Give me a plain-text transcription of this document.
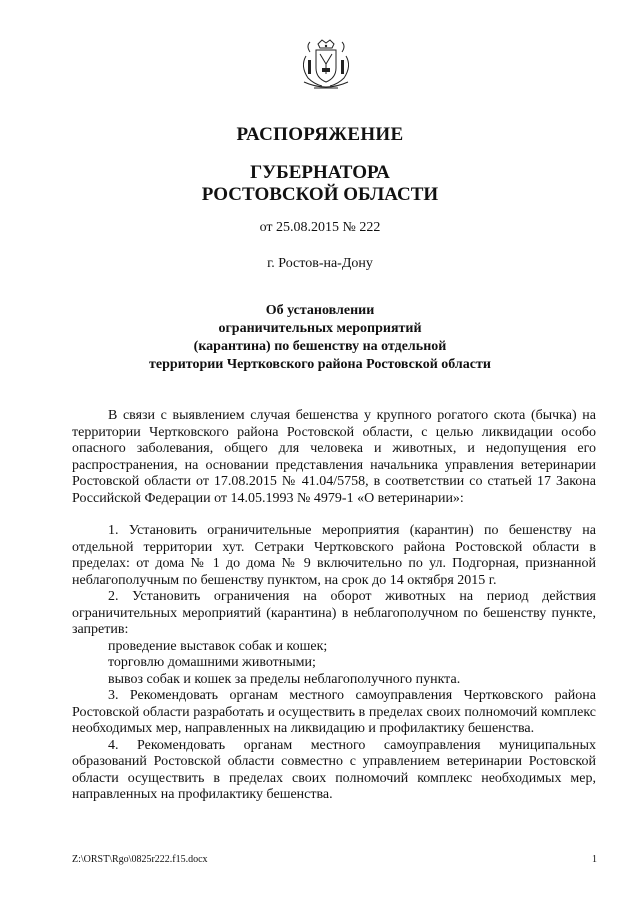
РАСПОРЯЖЕНИЕ
ГУБЕРНАТОРА
РОСТОВСКОЙ ОБЛАСТИ
от 25.08.2015 № 222
г. Ростов-на-Дону
Об установлении
ограничительных мероприятий
(карантина) по бешенству на отдельной
территории Чертковского района Ростовской области

В связи с выявлением случая бешенства у крупного рогатого скота (бычка) на территории Чертковского района Ростовской области, с целью ликвидации особо опасного заболевания, общего для человека и животных, и недопущения его распространения, на основании представления начальника управления ветеринарии Ростовской области от 17.08.2015 № 41.04/5758, в соответствии со статьей 17 Закона Российской Федерации от 14.05.1993 № 4979-1 «О ветеринарии»:

1. Установить ограничительные мероприятия (карантин) по бешенству на отдельной территории хут. Сетраки Чертковского района Ростовской области в пределах: от дома № 1 до дома № 9 включительно по ул. Подгорная, признанной неблагополучным по бешенству пунктом, на срок до 14 октября 2015 г.

2. Установить ограничения на оборот животных на период действия ограничительных мероприятий (карантина) в неблагополучном по бешенству пункте, запретив:

проведение выставок собак и кошек;

торговлю домашними животными;

вывоз собак и кошек за пределы неблагополучного пункта.

3. Рекомендовать органам местного самоуправления Чертковского района Ростовской области разработать и осуществить в пределах своих полномочий комплекс необходимых мер, направленных на ликвидацию и профилактику бешенства.

4. Рекомендовать органам местного самоуправления муниципальных образований Ростовской области совместно с управлением ветеринарии Ростовской области осуществить в пределах своих полномочий комплекс необходимых мер, направленных на профилактику бешенства.

Z:\ORST\Rgo\0825r222.f15.docx	1
